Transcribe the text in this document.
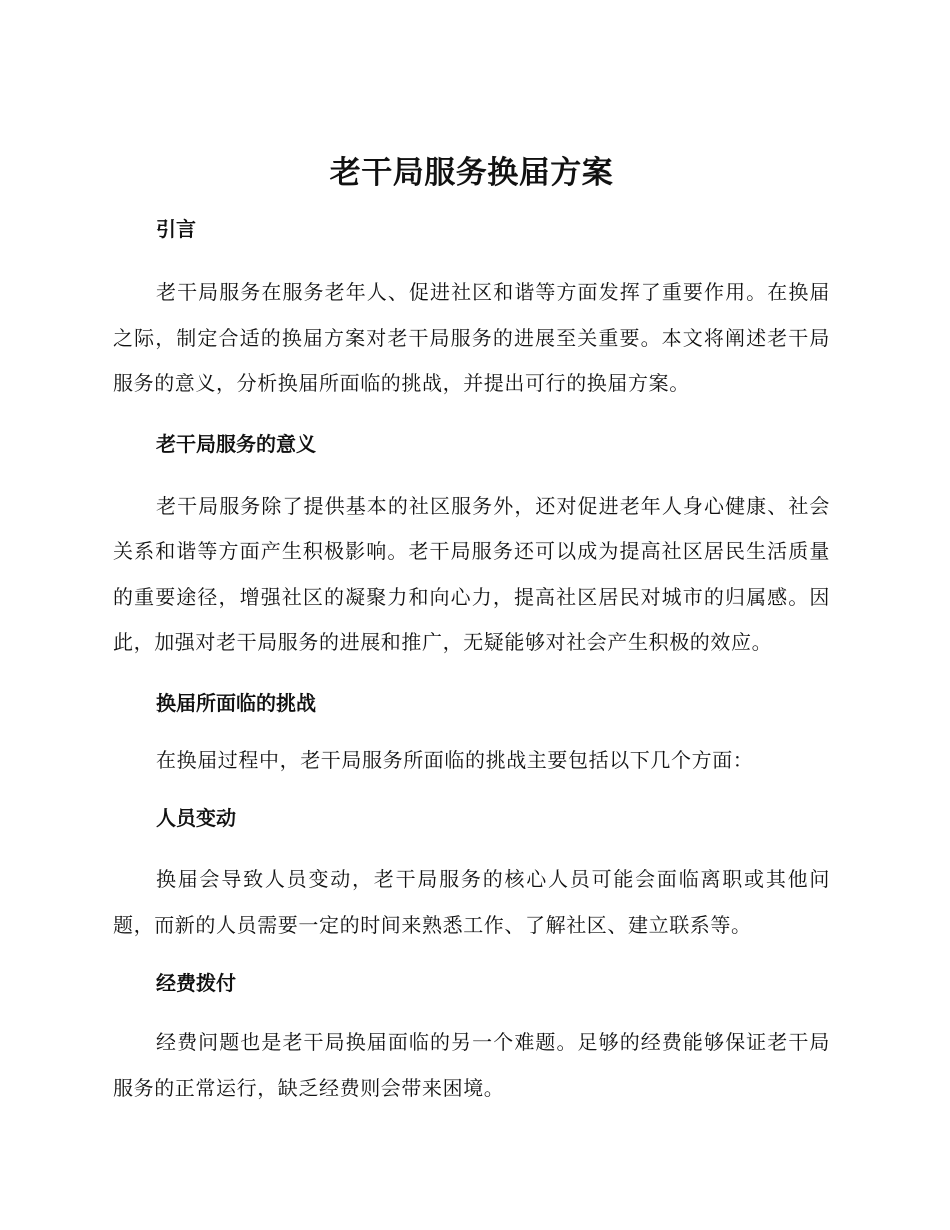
老干局服务换届方案
引言

老干局服务在服务老年人、促进社区和谐等方面发挥了重要作用。在换届之际，制定合适的换届方案对老干局服务的进展至关重要。本文将阐述老干局服务的意义，分析换届所面临的挑战，并提出可行的换届方案。

老干局服务的意义

老干局服务除了提供基本的社区服务外，还对促进老年人身心健康、社会关系和谐等方面产生积极影响。老干局服务还可以成为提高社区居民生活质量的重要途径，增强社区的凝聚力和向心力，提高社区居民对城市的归属感。因此，加强对老干局服务的进展和推广，无疑能够对社会产生积极的效应。

换届所面临的挑战

在换届过程中，老干局服务所面临的挑战主要包括以下几个方面：

人员变动

换届会导致人员变动，老干局服务的核心人员可能会面临离职或其他问题，而新的人员需要一定的时间来熟悉工作、了解社区、建立联系等。

经费拨付

经费问题也是老干局换届面临的另一个难题。足够的经费能够保证老干局服务的正常运行，缺乏经费则会带来困境。
